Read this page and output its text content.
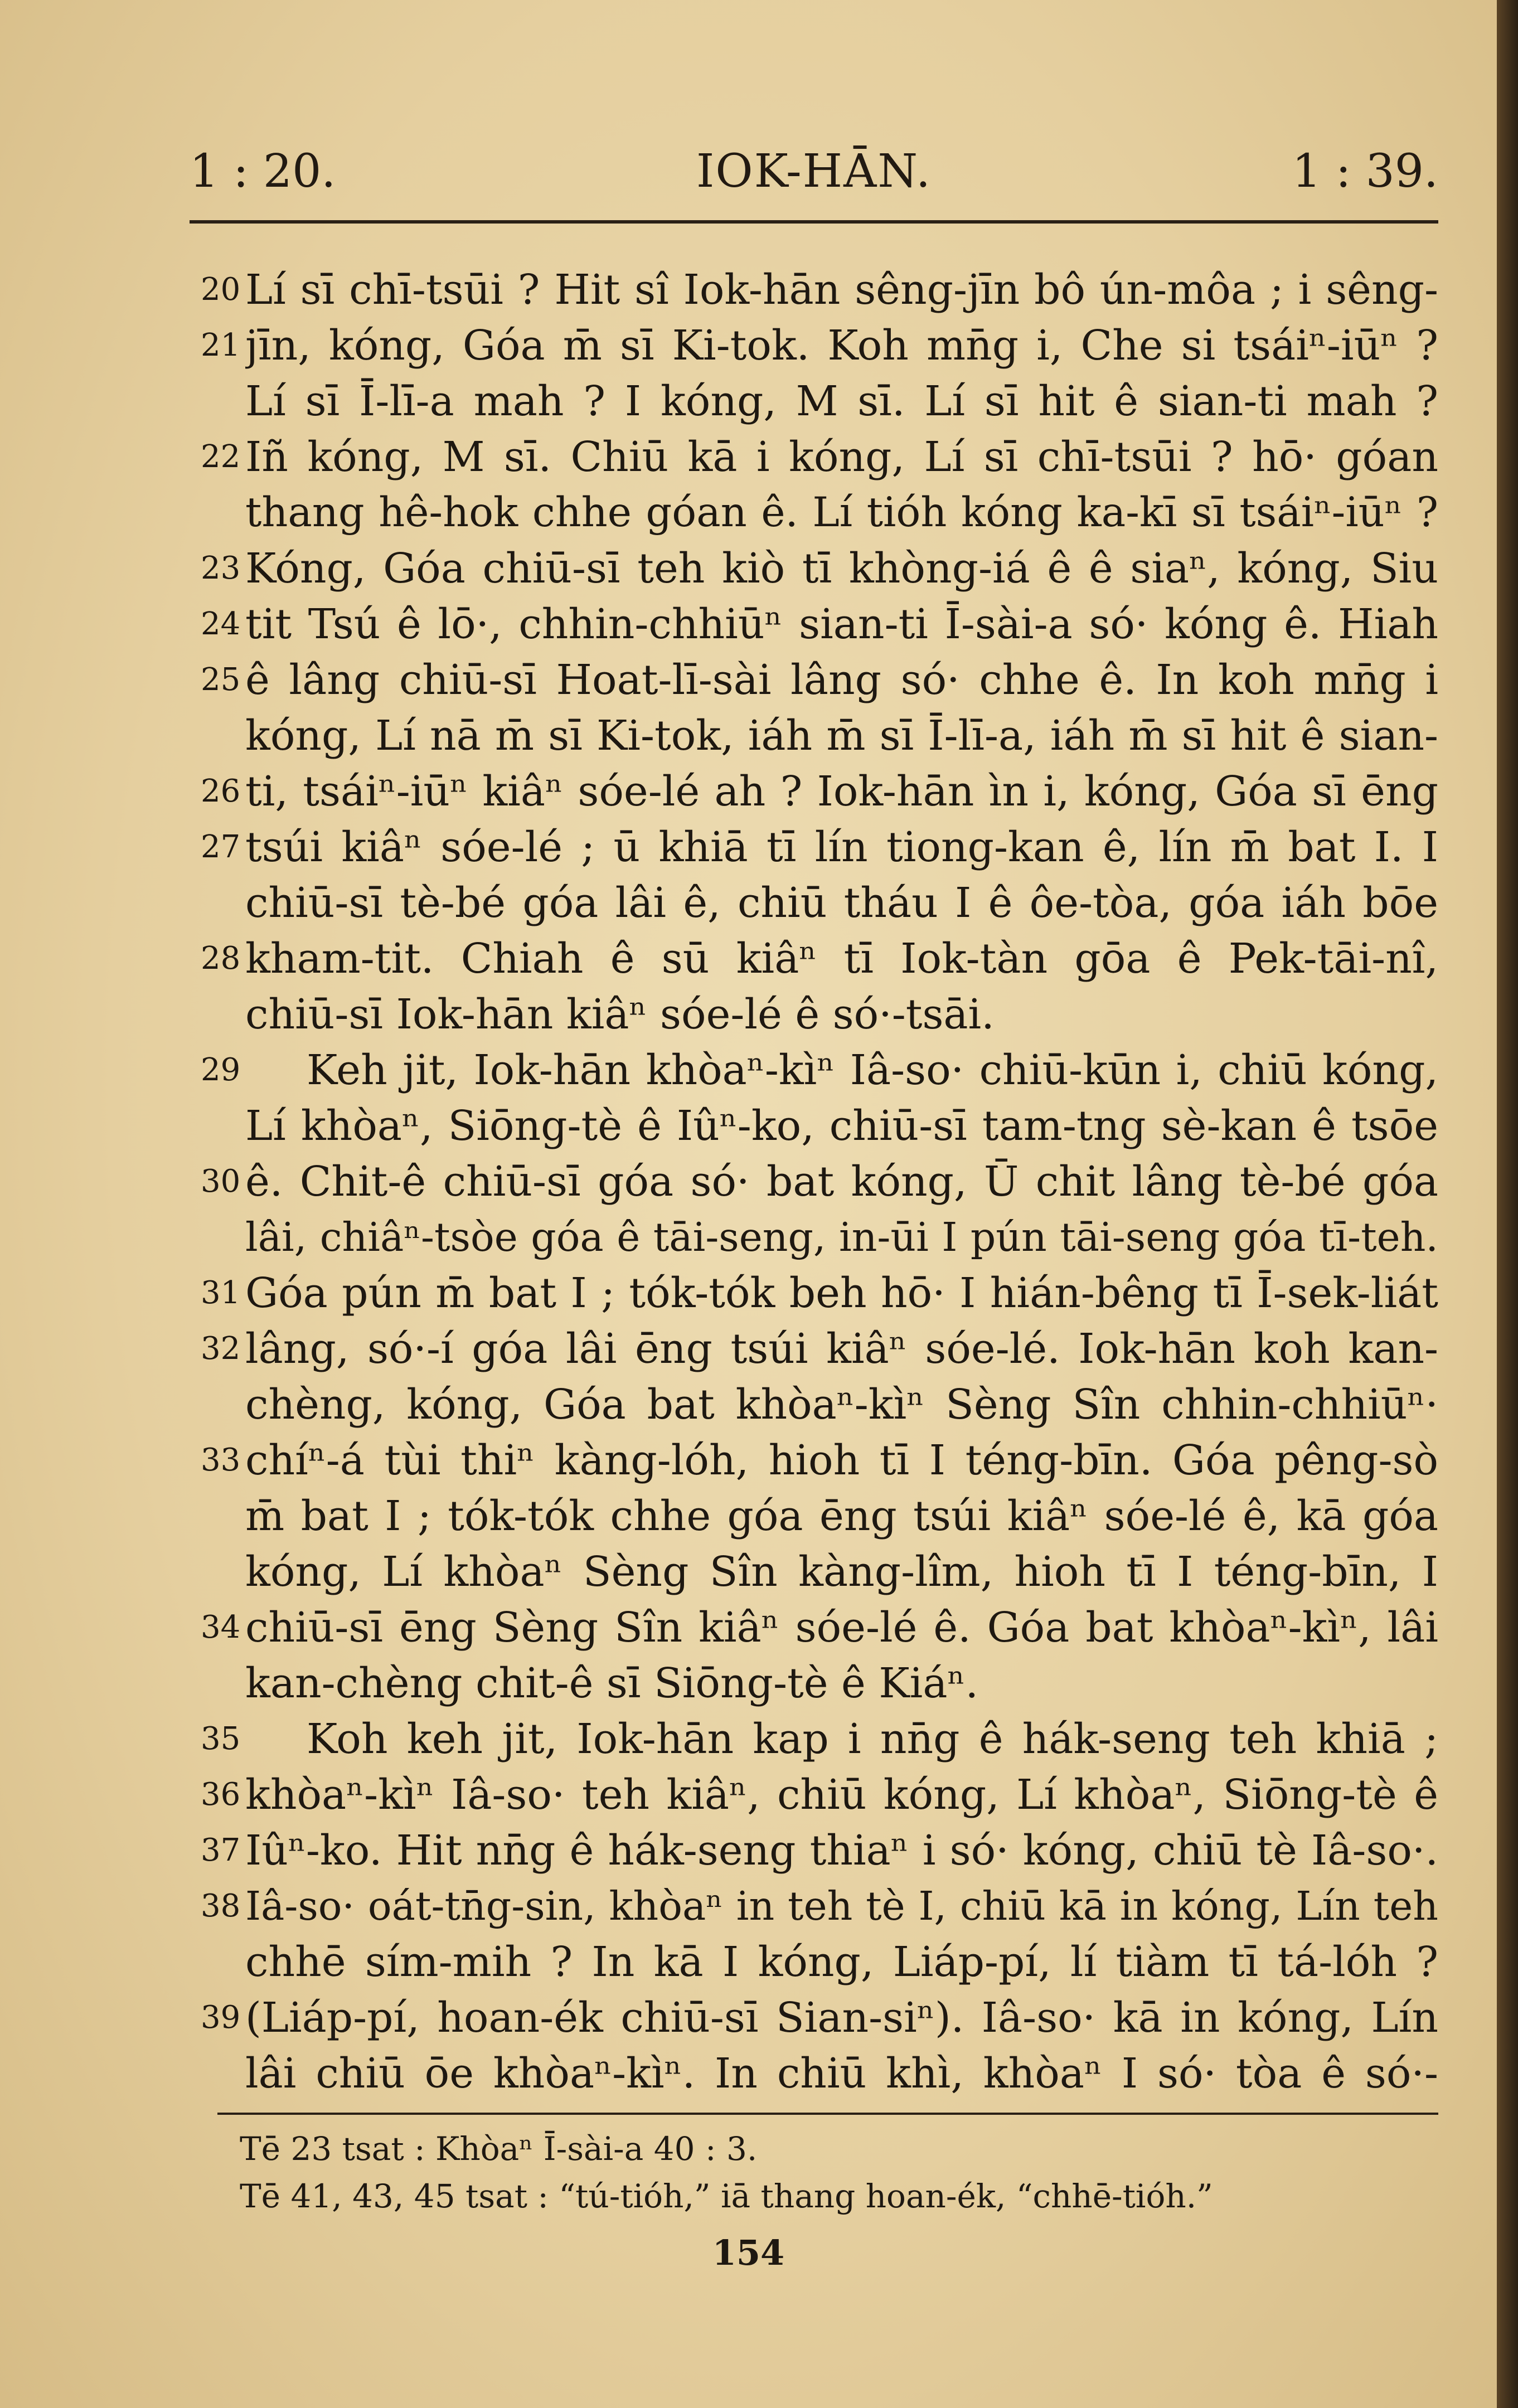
IOK-HĀN.
1 : 20.	1 : 39.
20
21
22
23
24
25
26
27
28
29
30
31
32
33
34
35
36
37
38
39
Lí sī chī-tsūi ? Hit sî Iok-hān sêng-jīn bô ún-môa ; i sêng-
jīn, kóng, Góa m̄ sī Ki-tok. Koh mn̄g i, Che si tsáiⁿ-iūⁿ ?
Lí sī Ī-lī-a mah ? I kóng, M sī. Lí sī hit ê sian-ti mah ?
Iñ kóng, M sī. Chiū kā i kóng, Lí sī chī-tsūi ? hō· góan
thang hê-hok chhe góan ê. Lí tióh kóng ka-kī sī tsáiⁿ-iūⁿ ?
Kóng, Góa chiū-sī teh kiò tī khòng-iá ê ê siaⁿ, kóng, Siu
tit Tsú ê lō·, chhin-chhiūⁿ sian-ti Ī-sài-a só· kóng ê. Hiah
ê lâng chiū-sī Hoat-lī-sài lâng só· chhe ê. In koh mn̄g i
kóng, Lí nā m̄ sī Ki-tok, iáh m̄ sī Ī-lī-a, iáh m̄ sī hit ê sian-
ti, tsáiⁿ-iūⁿ kiâⁿ sóe-lé ah ? Iok-hān ìn i, kóng, Góa sī ēng
tsúi kiâⁿ sóe-lé ; ū khiā tī lín tiong-kan ê, lín m̄ bat I. I
chiū-sī tè-bé góa lâi ê, chiū tháu I ê ôe-tòa, góa iáh bōe
kham-tit. Chiah ê sū kiâⁿ tī Iok-tàn gōa ê Pek-tāi-nî,
chiū-sī Iok-hān kiâⁿ sóe-lé ê só·-tsāi.
Keh jit, Iok-hān khòaⁿ-kìⁿ Iâ-so· chiū-kūn i, chiū kóng,
Lí khòaⁿ, Siōng-tè ê Iûⁿ-ko, chiū-sī tam-tng sè-kan ê tsōe
ê. Chit-ê chiū-sī góa só· bat kóng, Ū chit lâng tè-bé góa
lâi, chiâⁿ-tsòe góa ê tāi-seng, in-ūi I pún tāi-seng góa tī-teh.
Góa pún m̄ bat I ; tók-tók beh hō· I hián-bêng tī Ī-sek-liát
lâng, só·-í góa lâi ēng tsúi kiâⁿ sóe-lé. Iok-hān koh kan-
chèng, kóng, Góa bat khòaⁿ-kìⁿ Sèng Sîn chhin-chhiūⁿ·
chíⁿ-á tùi thiⁿ kàng-lóh, hioh tī I téng-bīn. Góa pêng-sò
m̄ bat I ; tók-tók chhe góa ēng tsúi kiâⁿ sóe-lé ê, kā góa
kóng, Lí khòaⁿ Sèng Sîn kàng-lîm, hioh tī I téng-bīn, I
chiū-sī ēng Sèng Sîn kiâⁿ sóe-lé ê. Góa bat khòaⁿ-kìⁿ, lâi
kan-chèng chit-ê sī Siōng-tè ê Kiáⁿ.
Koh keh jit, Iok-hān kap i nn̄g ê hák-seng teh khiā ;
khòaⁿ-kìⁿ Iâ-so· teh kiâⁿ, chiū kóng, Lí khòaⁿ, Siōng-tè ê
Iûⁿ-ko. Hit nn̄g ê hák-seng thiaⁿ i só· kóng, chiū tè Iâ-so·.
Iâ-so· oát-tn̄g-sin, khòaⁿ in teh tè I, chiū kā in kóng, Lín teh
chhē sím-mih ? In kā I kóng, Liáp-pí, lí tiàm tī tá-lóh ?
(Liáp-pí, hoan-ék chiū-sī Sian-siⁿ). Iâ-so· kā in kóng, Lín
lâi chiū ōe khòaⁿ-kìⁿ. In chiū khì, khòaⁿ I só· tòa ê só·-
Tē 23 tsat : Khòaⁿ Ī-sài-a 40 : 3.
Tē 41, 43, 45 tsat : “tú-tióh,” iā thang hoan-ék, “chhē-tióh.”
154
